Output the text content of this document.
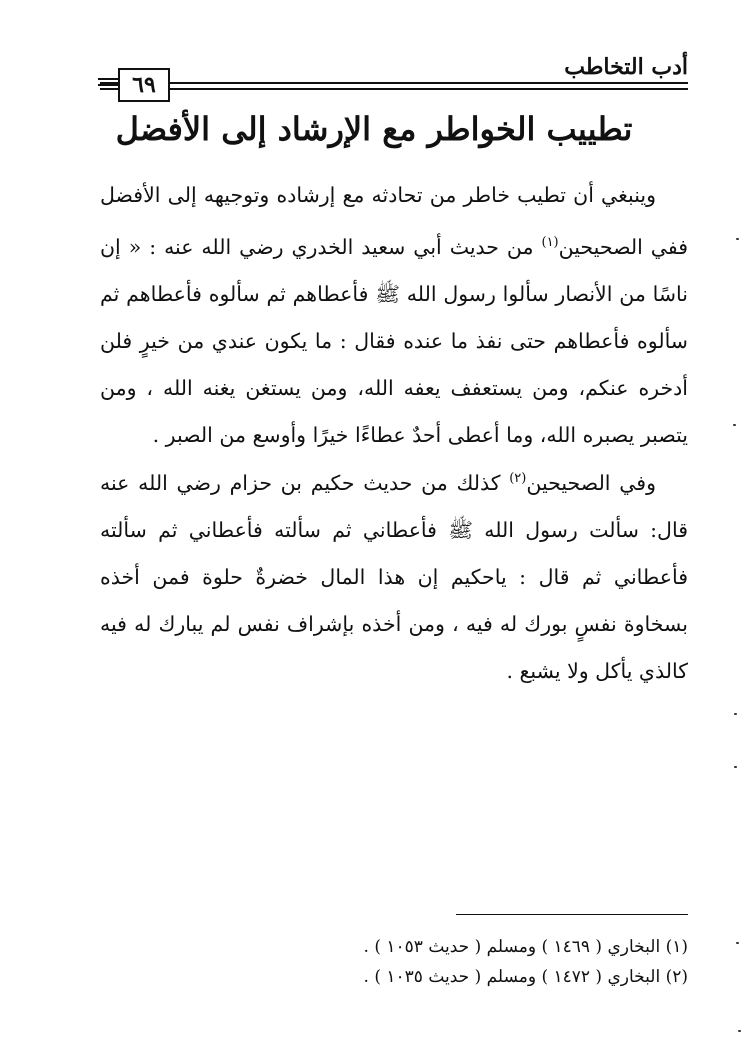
أدب التخاطب
٦٩
تطييب الخواطر مع الإرشاد إلى الأفضل

وينبغي أن تطيب خاطر من تحادثه مع إرشاده وتوجيهه إلى الأفضل ففي الصحيحين$^{(١)}$ من حديث أبي سعيد الخدري رضي الله عنه : « إن ناسًا من الأنصار سألوا رسول الله ﷺ فأعطاهم ثم سألوه فأعطاهم ثم سألوه فأعطاهم حتى نفذ ما عنده فقال : ما يكون عندي من خيرٍ فلن أدخره عنكم، ومن يستعفف يعفه الله، ومن يستغن يغنه الله ، ومن يتصبر يصبره الله، وما أعطى أحدٌ عطاءًا خيرًا وأوسع من الصبر .

وفي الصحيحين$^{(٢)}$ كذلك من حديث حكيم بن حزام رضي الله عنه قال: سألت رسول الله ﷺ فأعطاني ثم سألته فأعطاني ثم سألته فأعطاني ثم قال : ياحكيم إن هذا المال خضرةٌ حلوة فمن أخذه بسخاوة نفسٍ بورك له فيه ، ومن أخذه بإشراف نفس لم يبارك له فيه كالذي يأكل ولا يشبع .

(١) البخاري ( ١٤٦٩ ) ومسلم ( حديث ١٠٥٣ ) .
(٢) البخاري ( ١٤٧٢ ) ومسلم ( حديث ١٠٣٥ ) .
